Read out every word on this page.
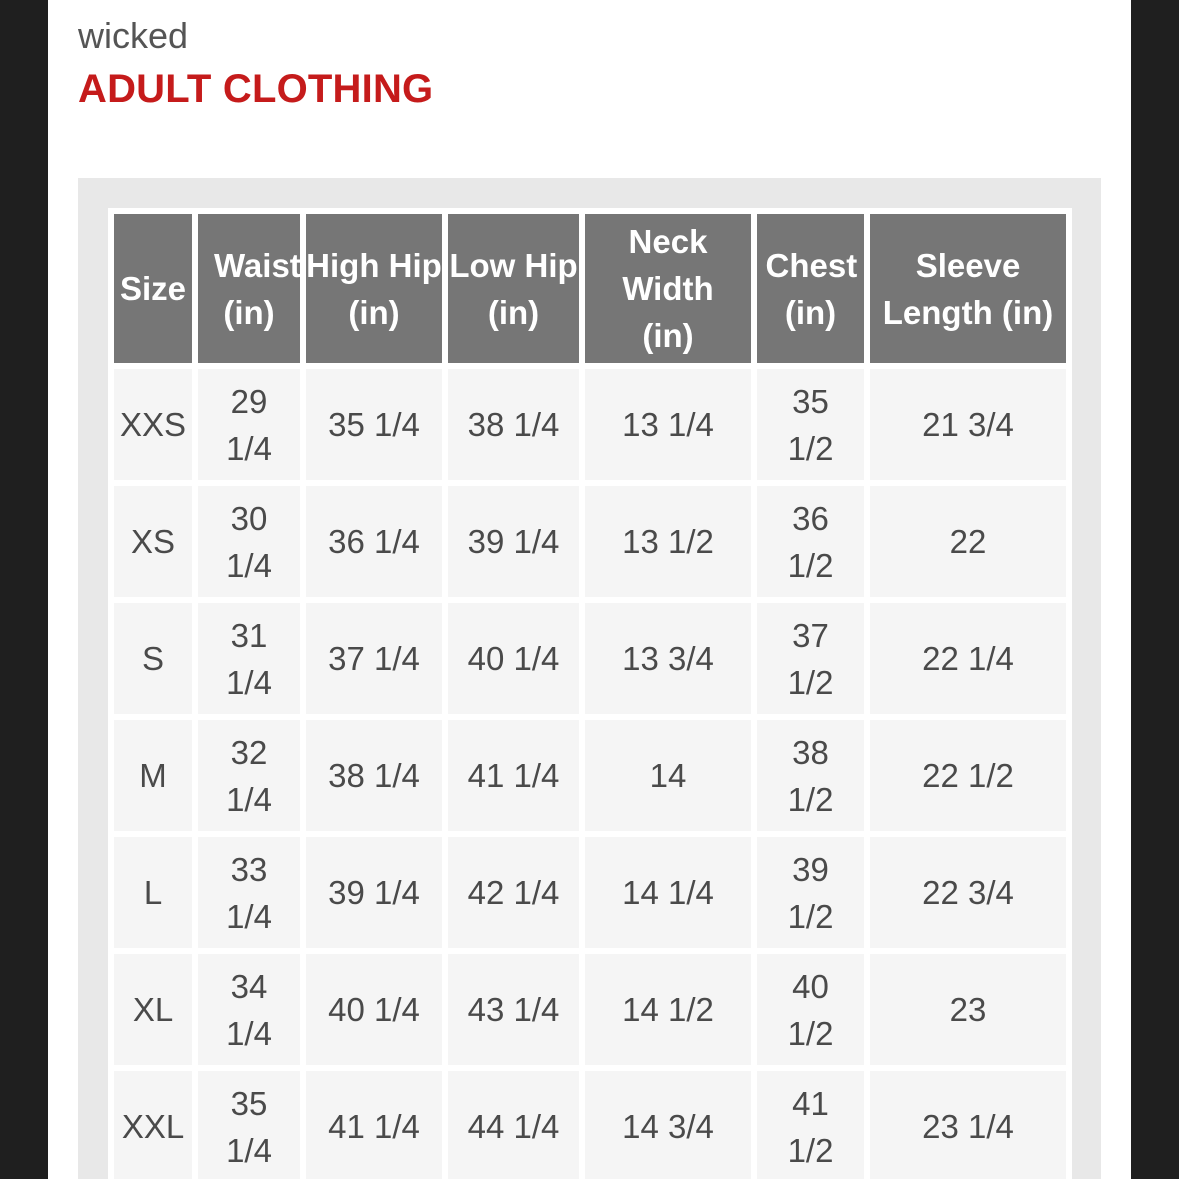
wicked
ADULT CLOTHING
Size	Waist (in)	High Hip (in)	Low Hip (in)	Neck Width (in)	Chest (in)	Sleeve Length (in)
XXS	29 1/4	35 1/4	38 1/4	13 1/4	35 1/2	21 3/4
XS	30 1/4	36 1/4	39 1/4	13 1/2	36 1/2	22
S	31 1/4	37 1/4	40 1/4	13 3/4	37 1/2	22 1/4
M	32 1/4	38 1/4	41 1/4	14	38 1/2	22 1/2
L	33 1/4	39 1/4	42 1/4	14 1/4	39 1/2	22 3/4
XL	34 1/4	40 1/4	43 1/4	14 1/2	40 1/2	23
XXL	35 1/4	41 1/4	44 1/4	14 3/4	41 1/2	23 1/4
